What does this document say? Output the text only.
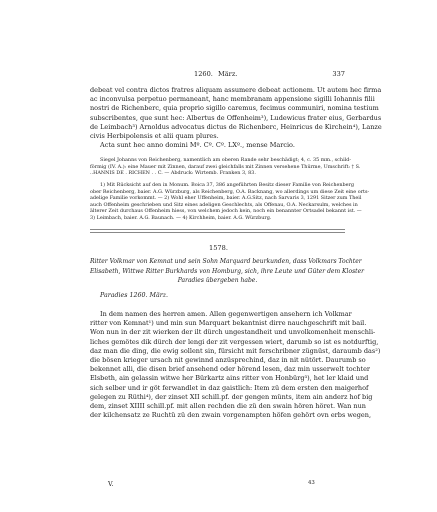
1260. März.	337
debeat vel contra dictos fratres aliquam assumere debeat actionem. Ut autem hec firma
ac inconvulsa perpetuo permaneant, hanc membranam appensione sigilli Iohannis filii
nostri de Richenberc, quia proprio sigillo caremus, fecimus communiri, nomina testium
subscribentes, que sunt hec: Albertus de Offenheim³), Ludewicus frater eius, Gerbardus
de Leimbach³) Arnoldus advocatus dictus de Richenberc, Heinricus de Kirchein⁴), Lanze
civis Herbipolensis et alii quam plures.
Acta sunt hec anno domini Mº. Cº. Cº. LXº., mense Marcio.
Siegel Johanns von Reichenberg, namentlich am oberen Rande sehr beschädigt; 4, c. 35 mm., schild-
förmig (IV. A.): eine Mauer mit Zinnen, darauf zwei gleichfalls mit Zinnen versehene Thürme, Umschrift: † S.
..HANNIS DE . RICHEN . . C. — Abdruck: Wirtemb. Franken 3, 83.
1) Mit Rücksicht auf den in Monum. Boica 37, 386 angeführten Besitz dieser Familie von Reichenberg
ober Reichenberg, baier. A.G. Würzburg, als Reichenberg, O.A. Backnang, wo allerdings um diese Zeit eine orts-
adelige Familie vorkommt. — 2) Wohl eher Uffenheim, baier. A.G.Sitz, nach Sarvaris 3, 1291 Sitzer zum Theil
auch Offenheim geschrieben und Sitz eines adeligen Geschlechts, als Offenau, O.A. Neckarsulm, welches in
älterer Zeit durchaus Offenheim hiess, von welchem jedoch kein, noch ein benannter Ortsadel bekannt ist. —
3) Leimbach, baier. A.G. Baunach. — 4) Kirchheim, baier. A.G. Würzburg.
1578.
Ritter Volkmar von Kemnat und sein Sohn Marquard beurkunden, dass Volkmars Tochter
Elisabeth, Wittwe Ritter Burkhards von Homburg, sich, ihre Leute und Güter dem Kloster
Paradies übergeben habe.
Paradies 1260. März.
In dem namen des herren amen. Allen gegenwertigen ansehern ich Volkmar
ritter von Kemnat¹) und min sun Marquart bekantnist dirre nauchgeschrift mit bail.
Won nun in der zit wierken der ilt dürch ungestandheit und unvolkomenheit menschli-
liches gemötes dik dürch der lengi der zit vergessen wiert, darumb so ist es notdurftig,
daz man die ding, die ewig sollent sin, fürsicht mit ferschribner zügnüst, daraumb das²)
die bösen krieger ursach nit gewinnd anzüsprechind, daz in nit nütört. Daurumb so
bekennet alli, die disen brief ansehend oder hörend lesen, daz min usserwelt tochter
Elsbeth, ain gelassin witwe her Bürkartz ains ritter von Honbürg³), het ler klaid und
sich selber und ir göt ferwandlet in daz gaistlich: Item zü dem ersten den maigerhof
gelegen zu Rüthi⁴), der zinset XII schill.pf. der gengen münts, item ain anderz hof big
dem, zinset XIIII schill.pf. mit allen rechden die zü den swain hören höret. Wan nun
der kilchensatz ze Ruchtü zü den zwain vorgenampten höfen gehört ovn erbs wegen,
V.	43
